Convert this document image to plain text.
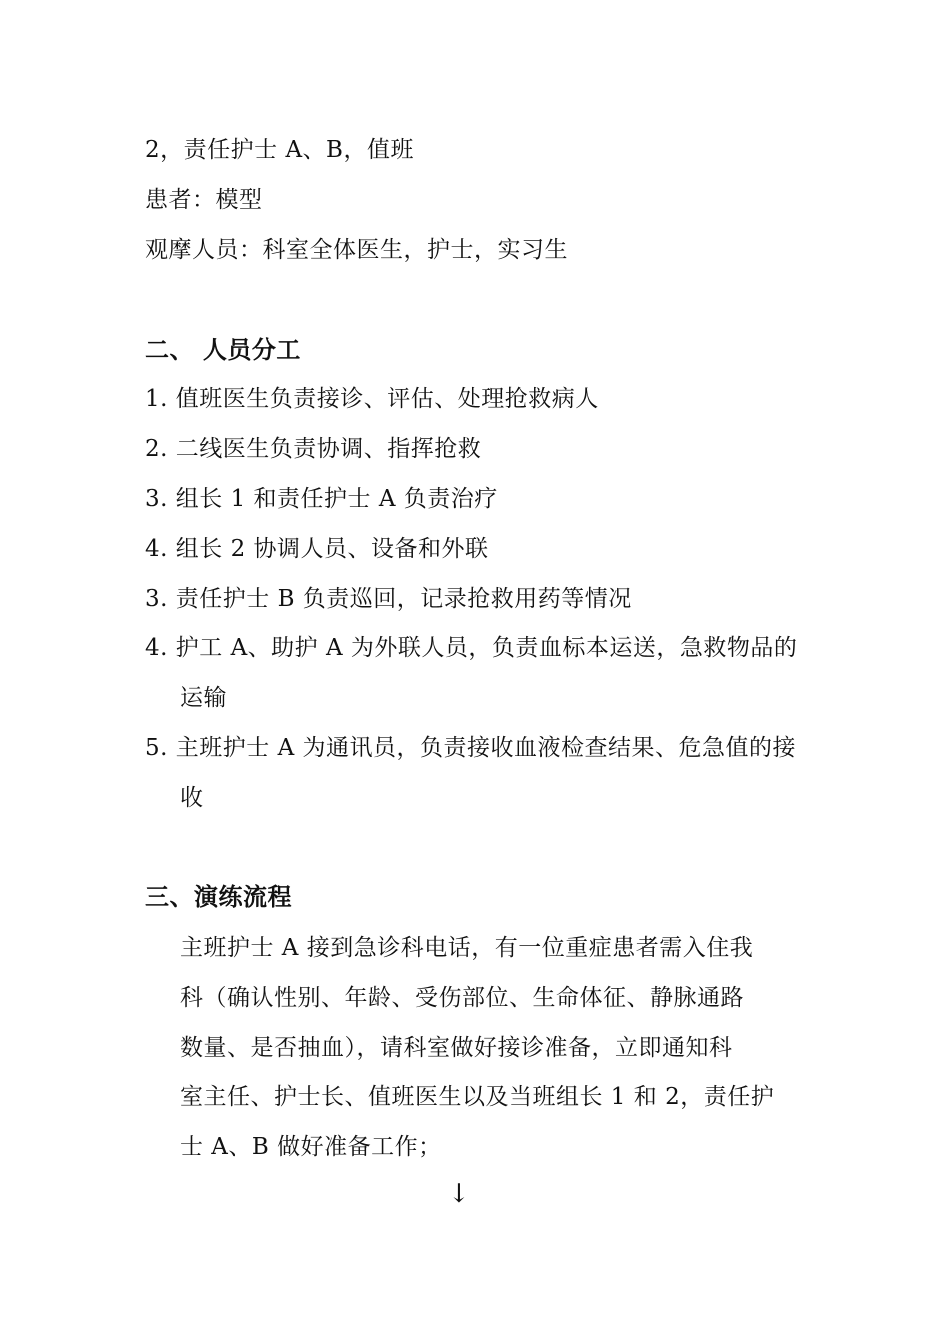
2，责任护士 A、B，值班
患者：模型
观摩人员：科室全体医生，护士，实习生
二、 人员分工
1. 值班医生负责接诊、评估、处理抢救病人
2. 二线医生负责协调、指挥抢救
3. 组长 1 和责任护士 A 负责治疗
4. 组长 2 协调人员、设备和外联
3. 责任护士 B 负责巡回，记录抢救用药等情况
4. 护工 A、助护 A 为外联人员，负责血标本运送，急救物品的
运输
5. 主班护士 A 为通讯员，负责接收血液检查结果、危急值的接
收
三、演练流程
主班护士 A 接到急诊科电话，有一位重症患者需入住我
科（确认性别、年龄、受伤部位、生命体征、静脉通路
数量、是否抽血），请科室做好接诊准备，立即通知科
室主任、护士长、值班医生以及当班组长 1 和 2，责任护
士 A、B 做好准备工作；
↓
